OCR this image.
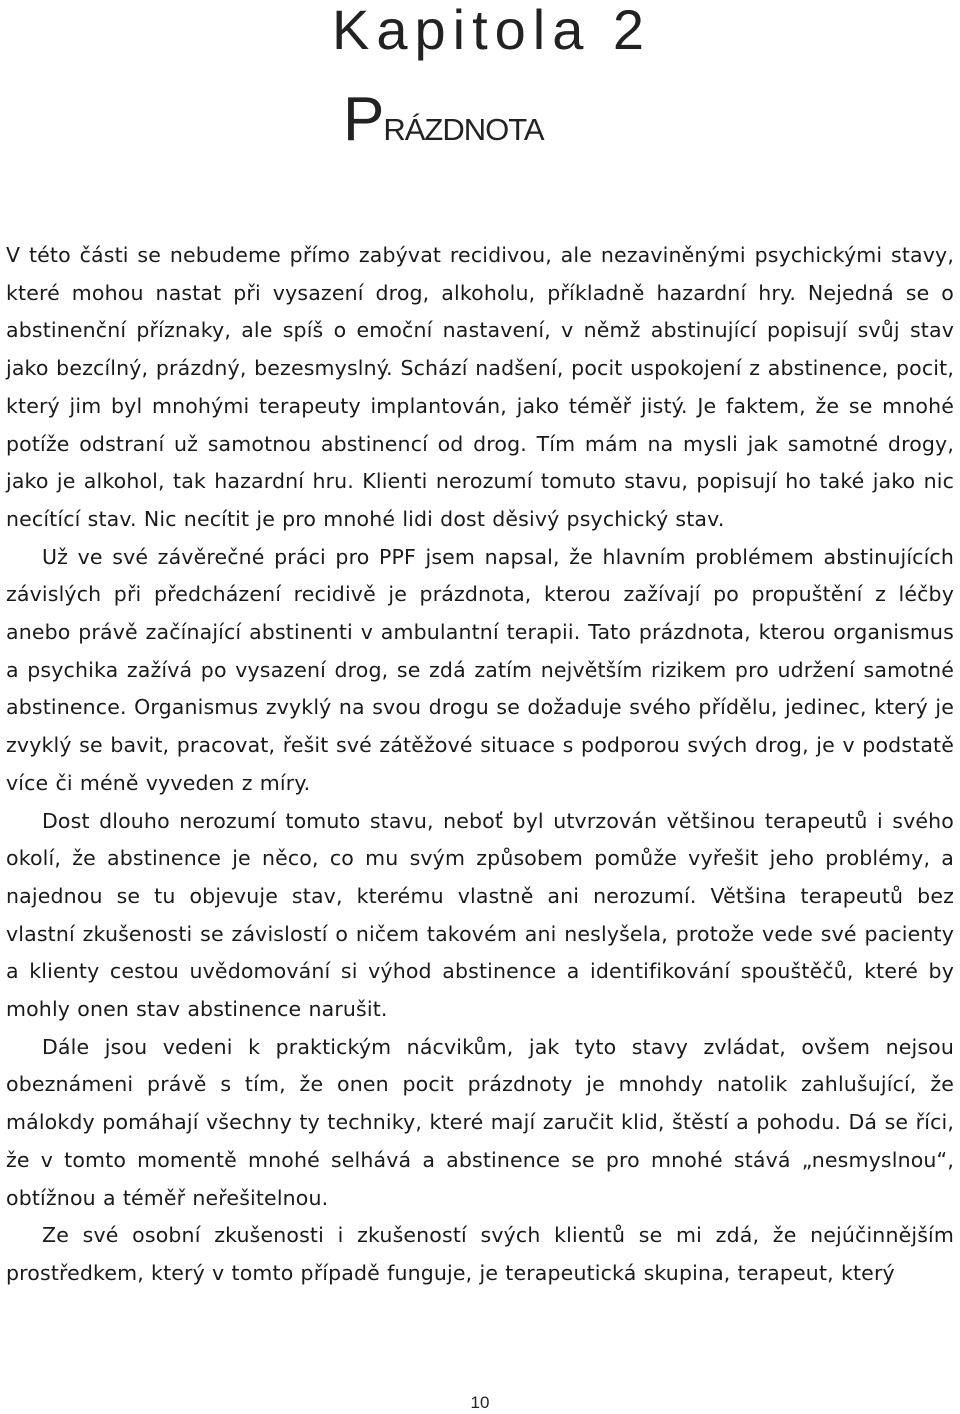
Kapitola 2
Prázdnota

V této části se nebudeme přímo zabývat recidivou, ale nezaviněnými psychickými stavy, které mohou nastat při vysazení drog, alkoholu, příkladně hazardní hry. Nejedná se o abstinenční příznaky, ale spíš o emoční nastavení, v němž abstinující popisují svůj stav jako bezcílný, prázdný, bezesmyslný. Schází nadšení, pocit uspokojení z abstinence, pocit, který jim byl mnohými terapeuty implantován, jako téměř jistý. Je faktem, že se mnohé potíže odstraní už samotnou abstinencí od drog. Tím mám na mysli jak samotné drogy, jako je alkohol, tak hazardní hru. Klienti nerozumí tomuto stavu, popisují ho také jako nic necítící stav. Nic necítit je pro mnohé lidi dost děsivý psychický stav.

Už ve své závěrečné práci pro PPF jsem napsal, že hlavním problémem abstinujících závislých při předcházení recidivě je prázdnota, kterou zažívají po propuštění z léčby anebo právě začínající abstinenti v ambulantní terapii. Tato prázdnota, kterou organismus a psychika zažívá po vysazení drog, se zdá zatím největším rizikem pro udržení samotné abstinence. Organismus zvyklý na svou drogu se dožaduje svého přídělu, jedinec, který je zvyklý se bavit, pracovat, řešit své zátěžové situace s podporou svých drog, je v podstatě více či méně vyveden z míry.

Dost dlouho nerozumí tomuto stavu, neboť byl utvrzován většinou terapeutů i svého okolí, že abstinence je něco, co mu svým způsobem pomůže vyřešit jeho problémy, a najednou se tu objevuje stav, kterému vlastně ani nerozumí. Většina terapeutů bez vlastní zkušenosti se závislostí o ničem takovém ani neslyšela, protože vede své pacienty a klienty cestou uvědomování si výhod abstinence a identifikování spouštěčů, které by mohly onen stav abstinence narušit.

Dále jsou vedeni k praktickým nácvikům, jak tyto stavy zvládat, ovšem nejsou obeznámeni právě s tím, že onen pocit prázdnoty je mnohdy natolik zahlušující, že málokdy pomáhají všechny ty techniky, které mají zaručit klid, štěstí a pohodu. Dá se říci, že v tomto momentě mnohé selhává a abstinence se pro mnohé stává „nesmyslnou“, obtížnou a téměř neřešitelnou.

Ze své osobní zkušenosti i zkušeností svých klientů se mi zdá, že nejúčinnějším prostředkem, který v tomto případě funguje, je terapeutická skupina, terapeut, který

10
